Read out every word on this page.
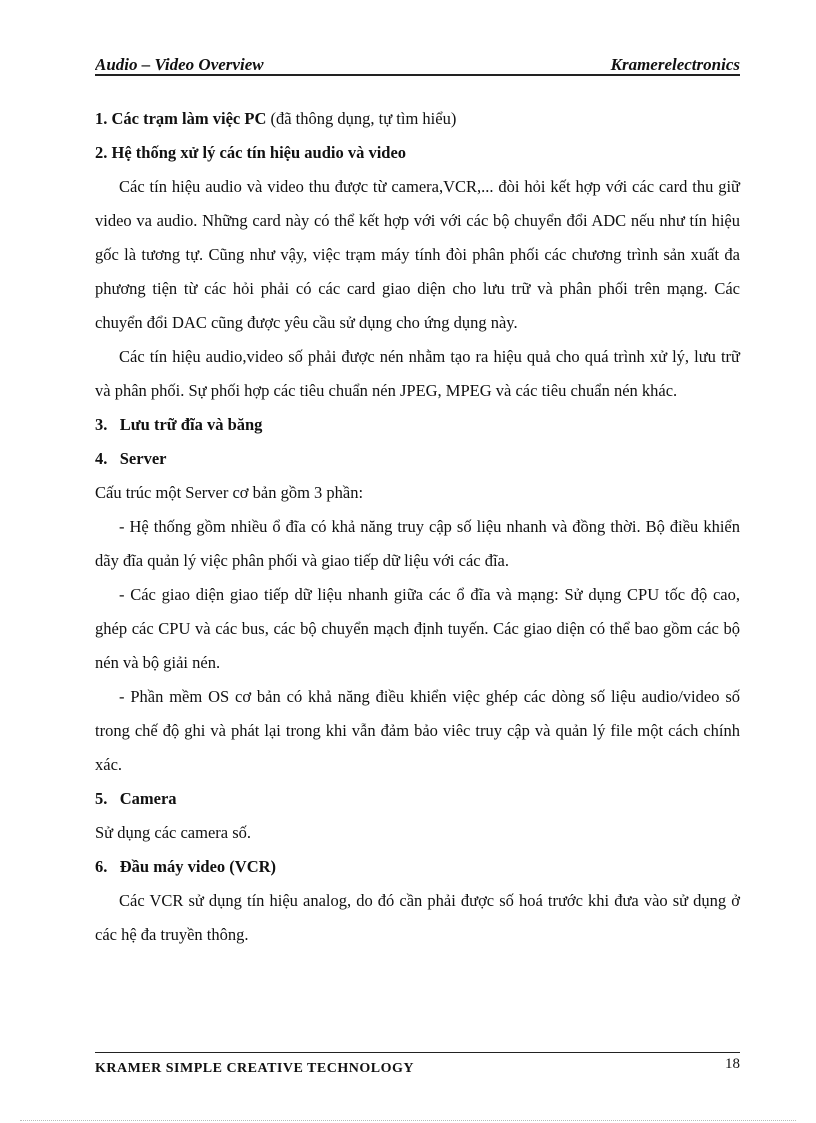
Audio – Video Overview	Kramerelectronics

1. Các trạm làm việc PC (đã thông dụng, tự tìm hiểu)

2. Hệ thống xử lý các tín hiệu audio và video

Các tín hiệu audio và video thu được từ camera,VCR,... đòi hỏi kết hợp với các card thu giữ video va audio. Những card này có thể kết hợp với với các bộ chuyển đổi ADC nếu như tín hiệu gốc là tương tự. Cũng như vậy, việc trạm máy tính đòi phân phối các chương trình sản xuất đa phương tiện từ các hỏi phải có các card giao diện cho lưu trữ và phân phối trên mạng. Các chuyển đổi DAC cũng được yêu cầu sử dụng cho ứng dụng này.

Các tín hiệu audio,video số phải được nén nhằm tạo ra hiệu quả cho quá trình xử lý, lưu trữ và phân phối. Sự phối hợp các tiêu chuẩn nén JPEG, MPEG và các tiêu chuẩn nén khác.

3. Lưu trữ đĩa và băng

4. Server

Cấu trúc một Server cơ bản gồm 3 phần:

- Hệ thống gồm nhiều ổ đĩa có khả năng truy cập số liệu nhanh và đồng thời. Bộ điều khiển dãy đĩa quản lý việc phân phối và giao tiếp dữ liệu với các đĩa.

- Các giao diện giao tiếp dữ liệu nhanh giữa các ổ đĩa và mạng: Sử dụng CPU tốc độ cao, ghép các CPU và các bus, các bộ chuyển mạch định tuyến. Các giao diện có thể bao gồm các bộ nén và bộ giải nén.

- Phần mềm OS cơ bản có khả năng điều khiển việc ghép các dòng số liệu audio/video số trong chế độ ghi và phát lại trong khi vẫn đảm bảo viêc truy cập và quản lý file một cách chính xác.

5. Camera

Sử dụng các camera số.

6. Đầu máy video (VCR)

Các VCR sử dụng tín hiệu analog, do đó cần phải được số hoá trước khi đưa vào sử dụng ở các hệ đa truyền thông.

KRAMER SIMPLE CREATIVE TECHNOLOGY	18
